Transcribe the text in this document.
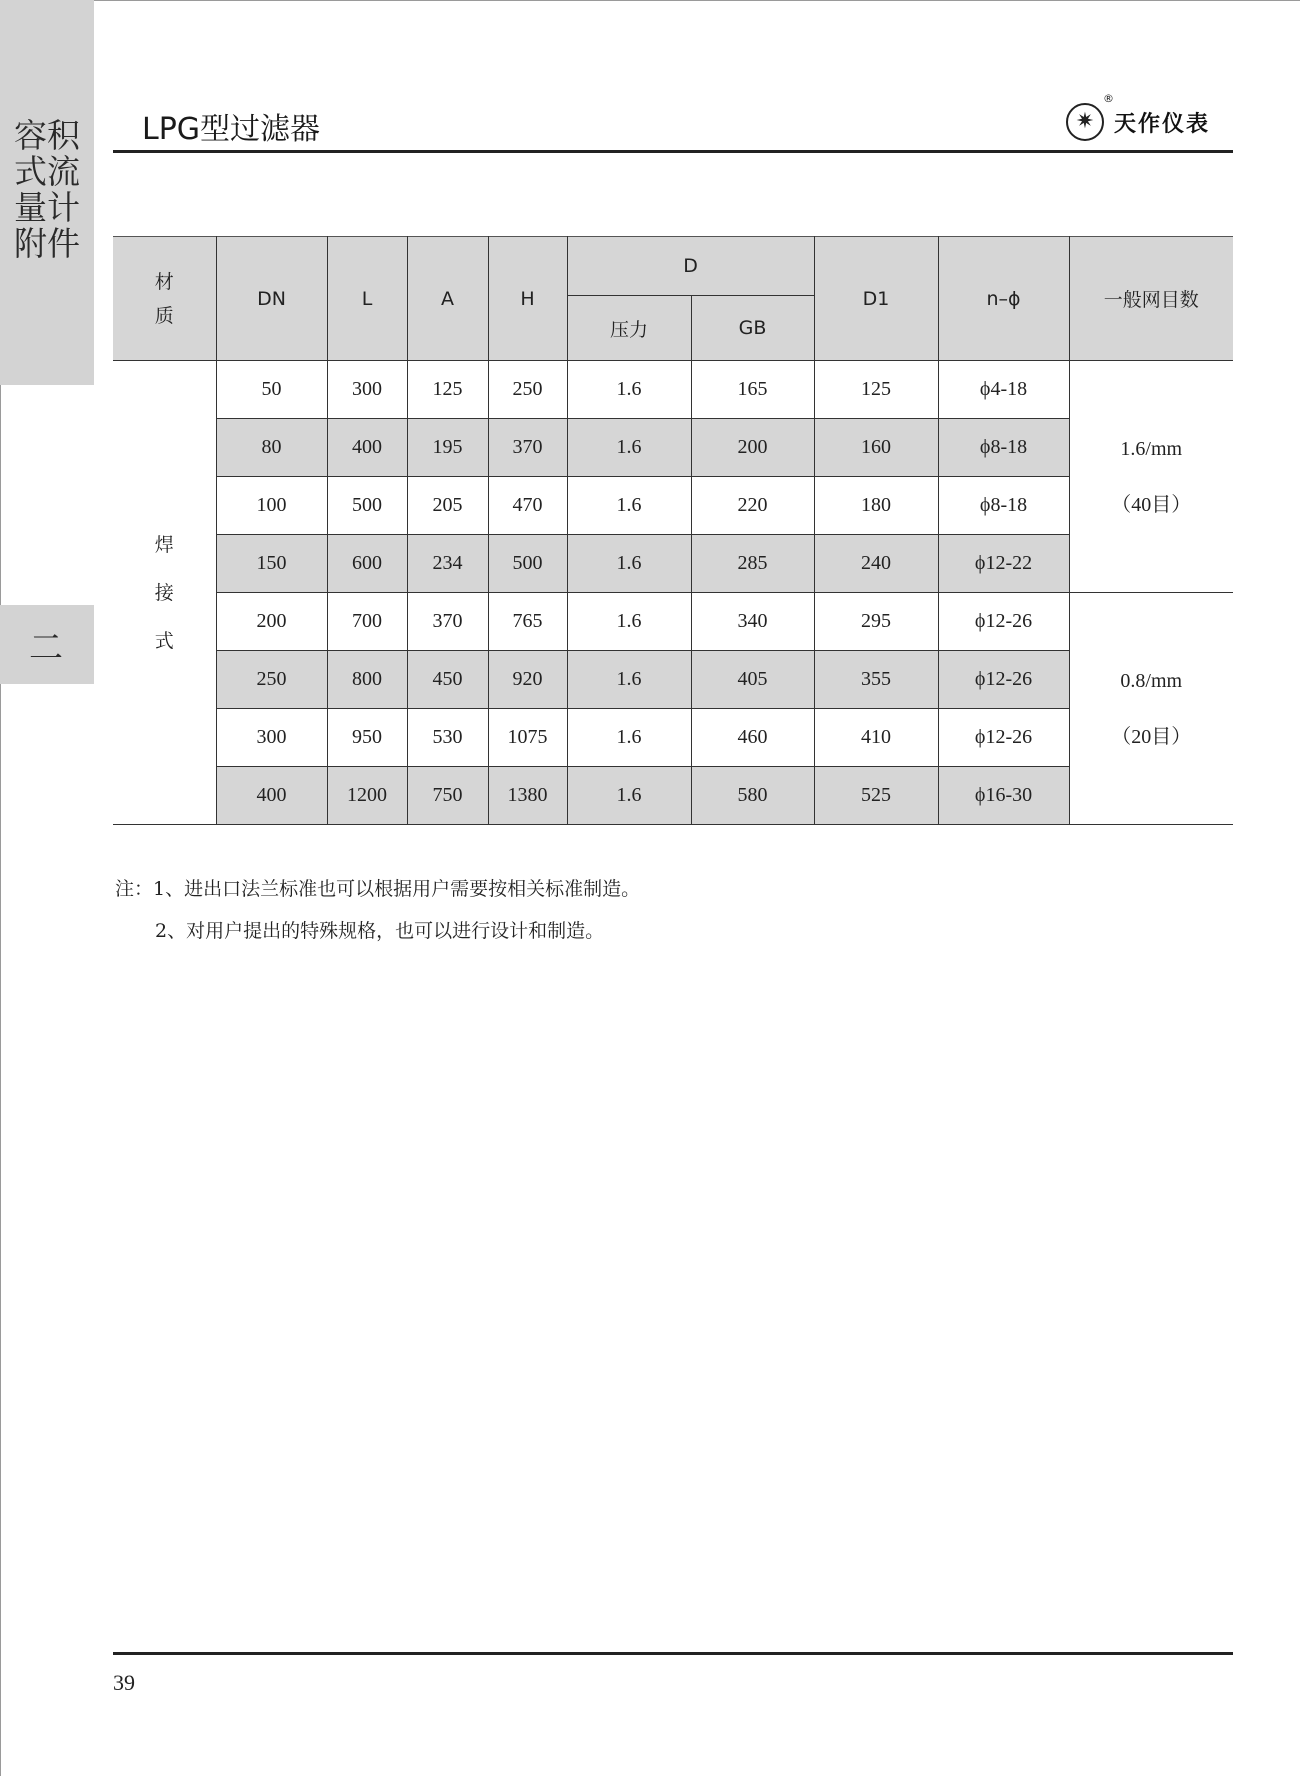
容积式流量计附件
二
LPG型过滤器	✷
®
天作仪表
材质	DN	L	A	H	D		D1	n–ϕ	一般网目数
					压力	GB			
焊接式	50	300	125	250	1.6	165	125	ϕ4-18	1.6/mm
（40目）

	80	400	195	370	1.6	200	160	ϕ8-18	
	100	500	205	470	1.6	220	180	ϕ8-18	
	150	600	234	500	1.6	285	240	ϕ12-22	
	200	700	370	765	1.6	340	295	ϕ12-26	0.8/mm
（20目）

	250	800	450	920	1.6	405	355	ϕ12-26	
	300	950	530	1075	1.6	460	410	ϕ12-26	
	400	1200	750	1380	1.6	580	525	ϕ16-30	
注：1、进出口法兰标准也可以根据用户需要按相关标准制造。
2、对用户提出的特殊规格，也可以进行设计和制造。
39
